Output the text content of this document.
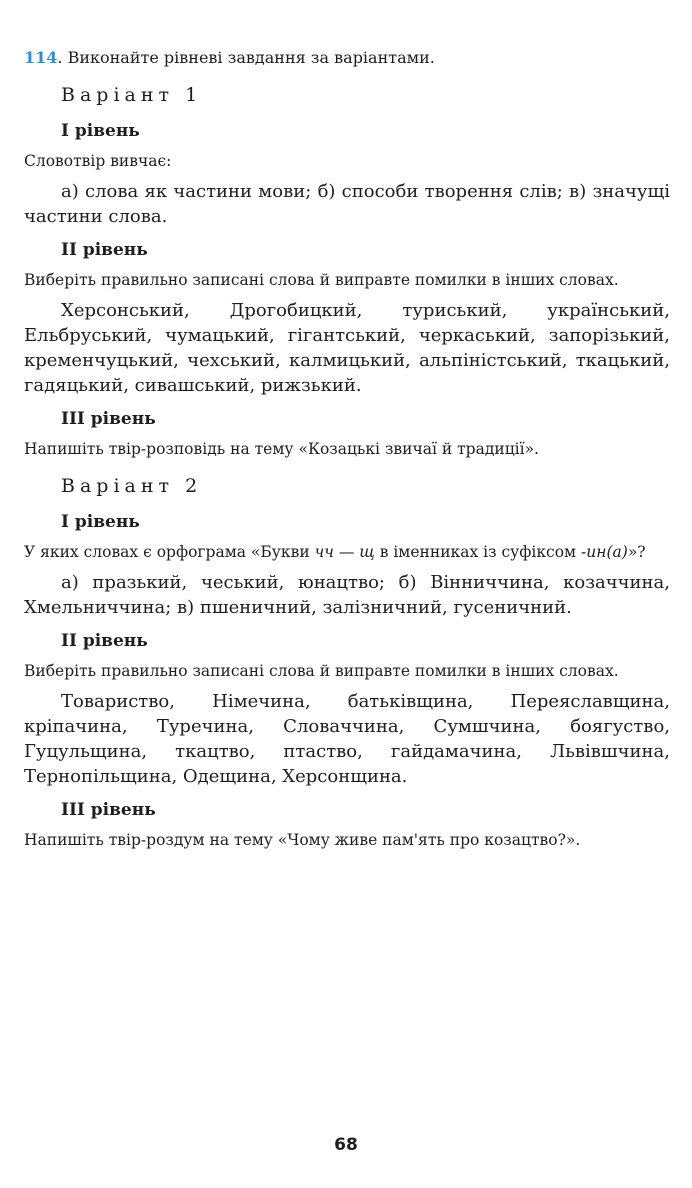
114. Виконайте рівневі завдання за варіантами.

Варіант 1
І рівень

Словотвір вивчає:

а) слова як частини мови; б) способи творення слів; в) значущі частини слова.

II рівень

Виберіть правильно записані слова й виправте помилки в інших словах.

Херсонський, Дрогобицкий, туриський, український, Ельбруський, чумацький, гігантський, черкаський, запорізький, кременчуцький, чехський, калмицький, альпіністський, ткацький, гадяцький, сивашський, рижзький.

III рівень

Напишіть твір-розповідь на тему «Козацькі звичаї й традиції».

Варіант 2
І рівень

У яких словах є орфограма «Букви чч — щ в іменниках із суфіксом -ин(а)»?

а) празький, чеський, юнацтво; б) Вінниччина, козаччина, Хмельниччина; в) пшеничний, залізничний, гусеничний.

II рівень

Виберіть правильно записані слова й виправте помилки в інших словах.

Товариство, Німечина, батьківщина, Переяславщина, кріпачина, Туречина, Словаччина, Сумшчина, боягуство, Гуцульщина, ткацтво, птаство, гайдамачина, Львівшчина, Тернопільщина, Одещина, Херсонщина.

III рівень

Напишіть твір-роздум на тему «Чому живе пам'ять про козацтво?».

68
